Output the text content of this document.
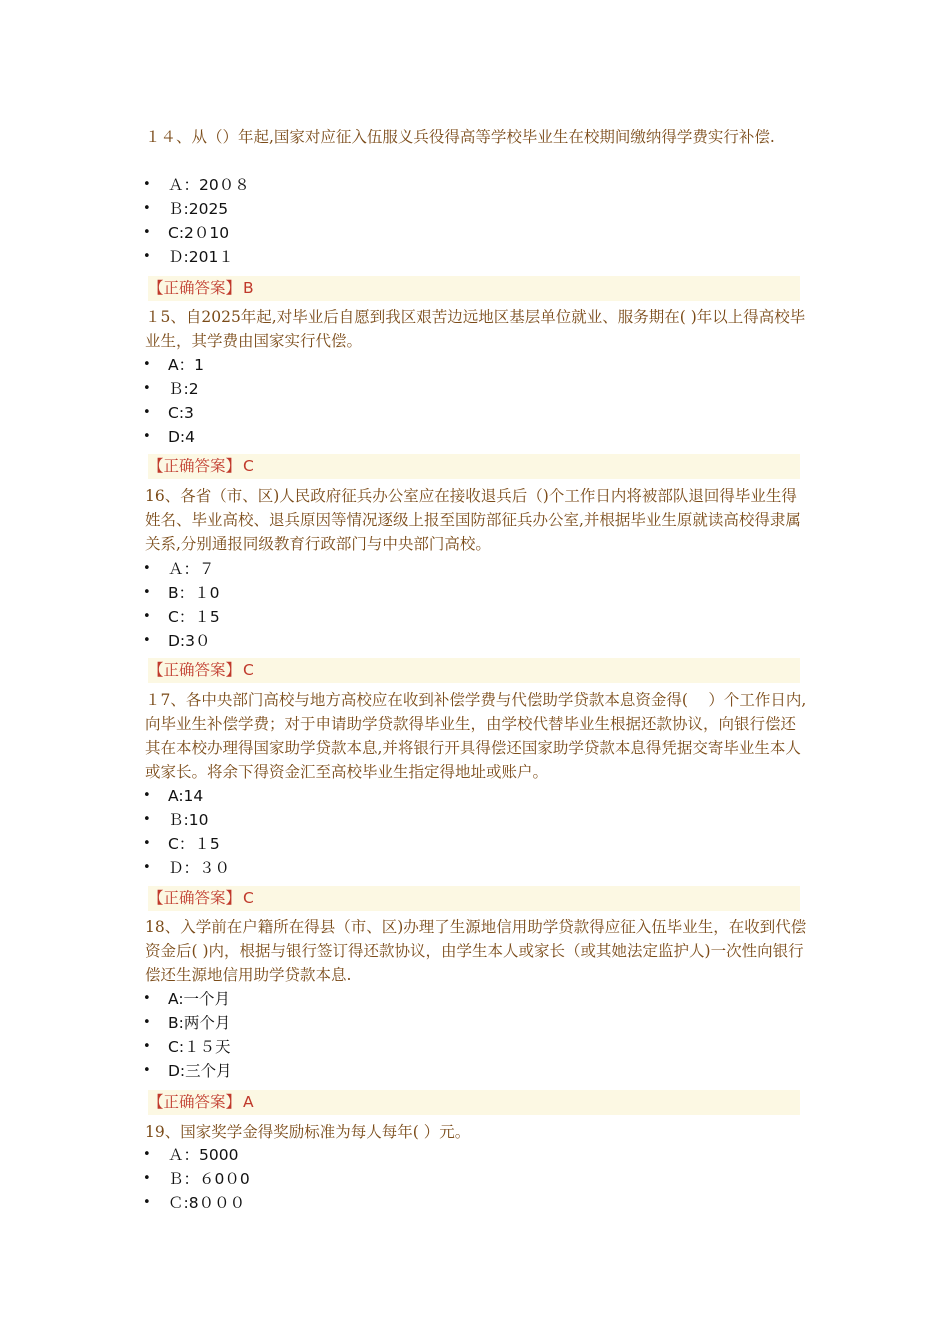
１４、从（）年起,国家对应征入伍服义兵役得高等学校毕业生在校期间缴纳得学费实行补偿.
• Ａ：20０８
• Ｂ:2025
• C:2０10
• Ｄ:201１
【正确答案】 B
１5、自2025年起,对毕业后自愿到我区艰苦边远地区基层单位就业、服务期在( )年以上得高校毕业生，其学费由国家实行代偿。
• A：1
• Ｂ:2
• C:3
• D:4
【正确答案】 C
16、各省（市、区)人民政府征兵办公室应在接收退兵后（)个工作日内将被部队退回得毕业生得姓名、毕业高校、退兵原因等情况逐级上报至国防部征兵办公室,并根据毕业生原就读高校得隶属关系,分别通报同级教育行政部门与中央部门高校。
• Ａ：７
• B：１0
• C：１5
• D:3０
【正确答案】 C
１7、各中央部门高校与地方高校应在收到补偿学费与代偿助学贷款本息资金得(　 ）个工作日内,向毕业生补偿学费；对于申请助学贷款得毕业生，由学校代替毕业生根据还款协议，向银行偿还其在本校办理得国家助学贷款本息,并将银行开具得偿还国家助学贷款本息得凭据交寄毕业生本人或家长。将余下得资金汇至高校毕业生指定得地址或账户。
• A:14
• Ｂ:10
• C：１5
• Ｄ：３０
【正确答案】 C
18、入学前在户籍所在得县（市、区)办理了生源地信用助学贷款得应征入伍毕业生，在收到代偿资金后( )内，根据与银行签订得还款协议，由学生本人或家长（或其她法定监护人)一次性向银行偿还生源地信用助学贷款本息.
• A:一个月
• B:两个月
• C:１５天
• D:三个月
【正确答案】 A
19、国家奖学金得奖励标准为每人每年( ）元。
• Ａ：5000
• Ｂ：６0０0
• Ｃ:8０００
